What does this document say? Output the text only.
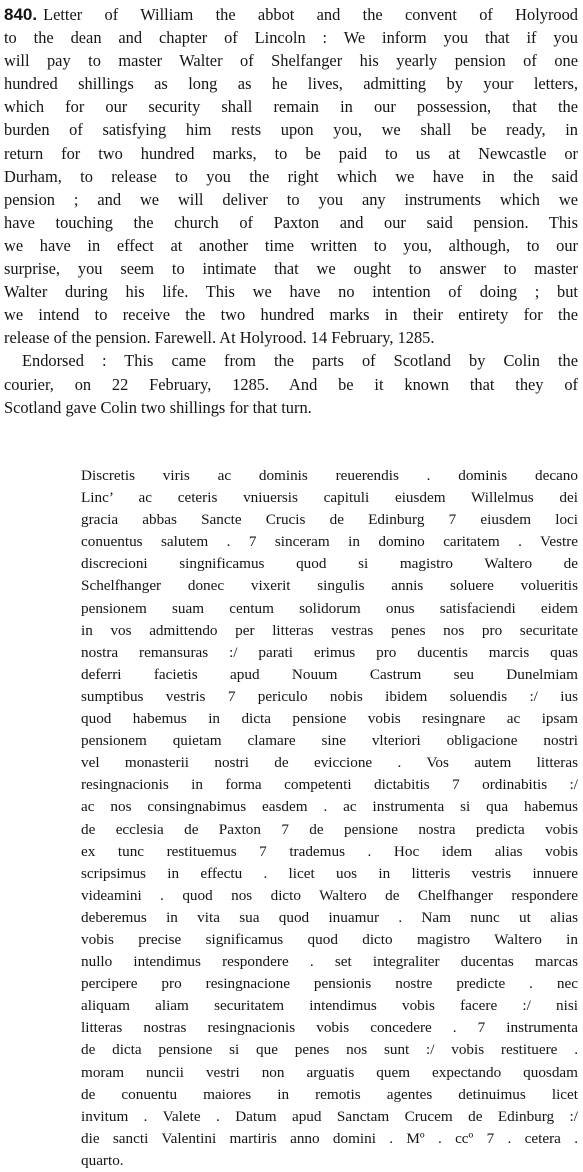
840. Letter of William the abbot and the convent of Holyrood
to the dean and chapter of Lincoln : We inform you that if you
will pay to master Walter of Shelfanger his yearly pension of one
hundred shillings as long as he lives, admitting by your letters,
which for our security shall remain in our possession, that the
burden of satisfying him rests upon you, we shall be ready, in
return for two hundred marks, to be paid to us at Newcastle or
Durham, to release to you the right which we have in the said
pension ; and we will deliver to you any instruments which we
have touching the church of Paxton and our said pension. This
we have in effect at another time written to you, although, to our
surprise, you seem to intimate that we ought to answer to master
Walter during his life. This we have no intention of doing ; but
we intend to receive the two hundred marks in their entirety for the
release of the pension. Farewell. At Holyrood. 14 February, 1285.
Endorsed : This came from the parts of Scotland by Colin the
courier, on 22 February, 1285. And be it known that they of
Scotland gave Colin two shillings for that turn.
Discretis viris ac dominis reuerendis . dominis decano
Linc’ ac ceteris vniuersis capituli eiusdem Willelmus dei
gracia abbas Sancte Crucis de Edinburg 7 eiusdem loci
conuentus salutem . 7 sinceram in domino caritatem . Vestre
discrecioni singnificamus quod si magistro Waltero de
Schelfhanger donec vixerit singulis annis soluere volueritis
pensionem suam centum solidorum onus satisfaciendi eidem
in vos admittendo per litteras vestras penes nos pro securitate
nostra remansuras :/ parati erimus pro ducentis marcis quas
deferri facietis apud Nouum Castrum seu Dunelmiam
sumptibus vestris 7 periculo nobis ibidem soluendis :/ ius
quod habemus in dicta pensione vobis resingnare ac ipsam
pensionem quietam clamare sine vlteriori obligacione nostri
vel monasterii nostri de eviccione . Vos autem litteras
resingnacionis in forma competenti dictabitis 7 ordinabitis :/
ac nos consingnabimus easdem . ac instrumenta si qua habemus
de ecclesia de Paxton 7 de pensione nostra predicta vobis
ex tunc restituemus 7 trademus . Hoc idem alias vobis
scripsimus in effectu . licet uos in litteris vestris innuere
videamini . quod nos dicto Waltero de Chelfhanger respondere
deberemus in vita sua quod inuamur . Nam nunc ut alias
vobis precise significamus quod dicto magistro Waltero in
nullo intendimus respondere . set integraliter ducentas marcas
percipere pro resingnacione pensionis nostre predicte . nec
aliquam aliam securitatem intendimus vobis facere :/ nisi
litteras nostras resingnacionis vobis concedere . 7 instrumenta
de dicta pensione si que penes nos sunt :/ vobis restituere .
moram nuncii vestri non arguatis quem expectando quosdam
de conuentu maiores in remotis agentes detinuimus licet
invitum . Valete . Datum apud Sanctam Crucem de Edinburg :/
die sancti Valentini martiris anno domini . Mº . ccº 7 . cetera .
quarto.
